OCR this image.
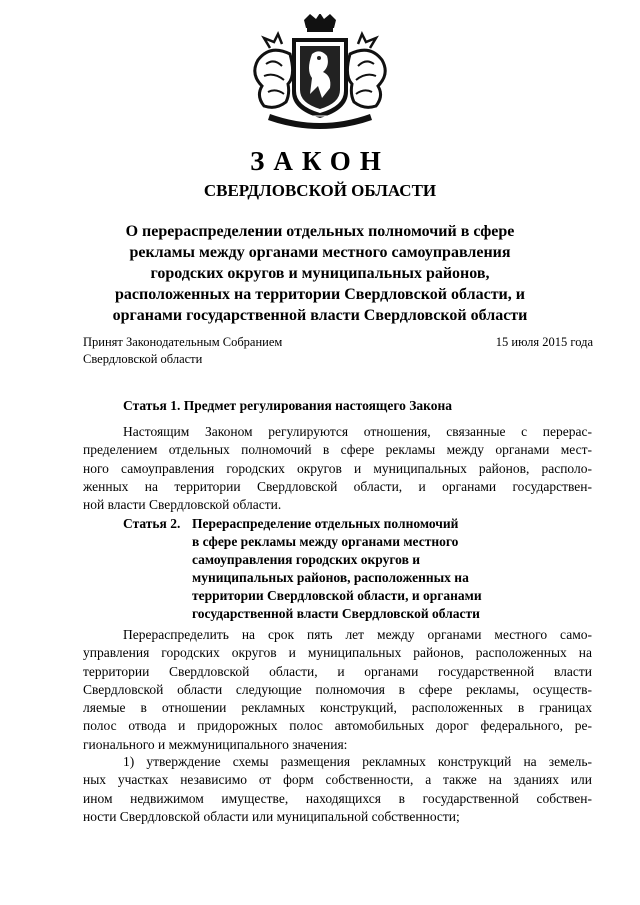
ЗАКОН
СВЕРДЛОВСКОЙ ОБЛАСТИ
О перераспределении отдельных полномочий в сфере
рекламы между органами местного самоуправления
городских округов и муниципальных районов,
расположенных на территории Свердловской области, и
органами государственной власти Свердловской области
Принят Законодательным Собранием
Свердловской области
15 июля 2015 года
Статья 1. Предмет регулирования настоящего Закона
Настоящим Законом регулируются отношения, связанные с перерас-
пределением отдельных полномочий в сфере рекламы между органами мест-
ного самоуправления городских округов и муниципальных районов, располо-
женных на территории Свердловской области, и органами государствен-
ной власти Свердловской области.
Статья 2. Перераспределение отдельных полномочий
в сфере рекламы между органами местного
самоуправления городских округов и
муниципальных районов, расположенных на
территории Свердловской области, и органами
государственной власти Свердловской области
Перераспределить на срок пять лет между органами местного само-
управления городских округов и муниципальных районов, расположенных на
территории Свердловской области, и органами государственной власти
Свердловской области следующие полномочия в сфере рекламы, осуществ-
ляемые в отношении рекламных конструкций, расположенных в границах
полос отвода и придорожных полос автомобильных дорог федерального, ре-
гионального и межмуниципального значения:
1) утверждение схемы размещения рекламных конструкций на земель-
ных участках независимо от форм собственности, а также на зданиях или
ином недвижимом имуществе, находящихся в государственной собствен-
ности Свердловской области или муниципальной собственности;
